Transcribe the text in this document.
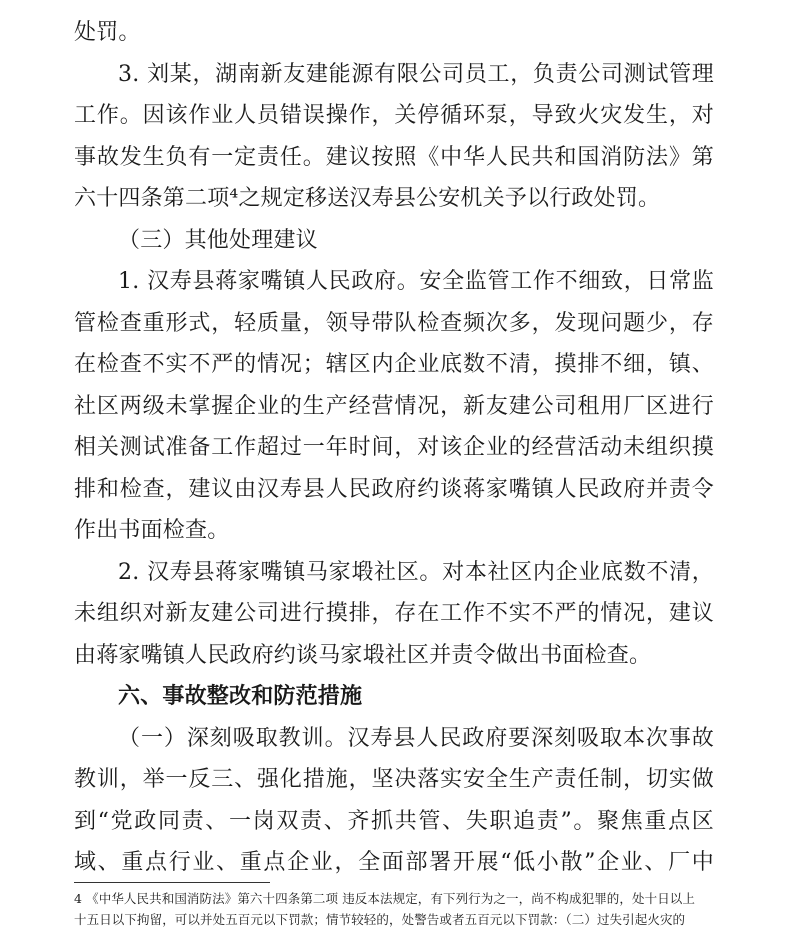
处罚。
3. 刘某，湖南新友建能源有限公司员工，负责公司测试管理
工作。因该作业人员错误操作，关停循环泵，导致火灾发生，对
事故发生负有一定责任。建议按照《中华人民共和国消防法》第
六十四条第二项⁴之规定移送汉寿县公安机关予以行政处罚。
（三）其他处理建议
1. 汉寿县蒋家嘴镇人民政府。安全监管工作不细致，日常监
管检查重形式，轻质量，领导带队检查频次多，发现问题少，存
在检查不实不严的情况；辖区内企业底数不清，摸排不细，镇、
社区两级未掌握企业的生产经营情况，新友建公司租用厂区进行
相关测试准备工作超过一年时间，对该企业的经营活动未组织摸
排和检查，建议由汉寿县人民政府约谈蒋家嘴镇人民政府并责令
作出书面检查。
2. 汉寿县蒋家嘴镇马家塅社区。对本社区内企业底数不清，
未组织对新友建公司进行摸排，存在工作不实不严的情况，建议
由蒋家嘴镇人民政府约谈马家塅社区并责令做出书面检查。
六、事故整改和防范措施
（一）深刻吸取教训。汉寿县人民政府要深刻吸取本次事故
教训，举一反三、强化措施，坚决落实安全生产责任制，切实做
到“党政同责、一岗双责、齐抓共管、失职追责”。聚焦重点区
域、重点行业、重点企业，全面部署开展“低小散”企业、厂中
4 《中华人民共和国消防法》第六十四条第二项 违反本法规定，有下列行为之一，尚不构成犯罪的，处十日以上
十五日以下拘留，可以并处五百元以下罚款；情节较轻的，处警告或者五百元以下罚款：（二）过失引起火灾的
